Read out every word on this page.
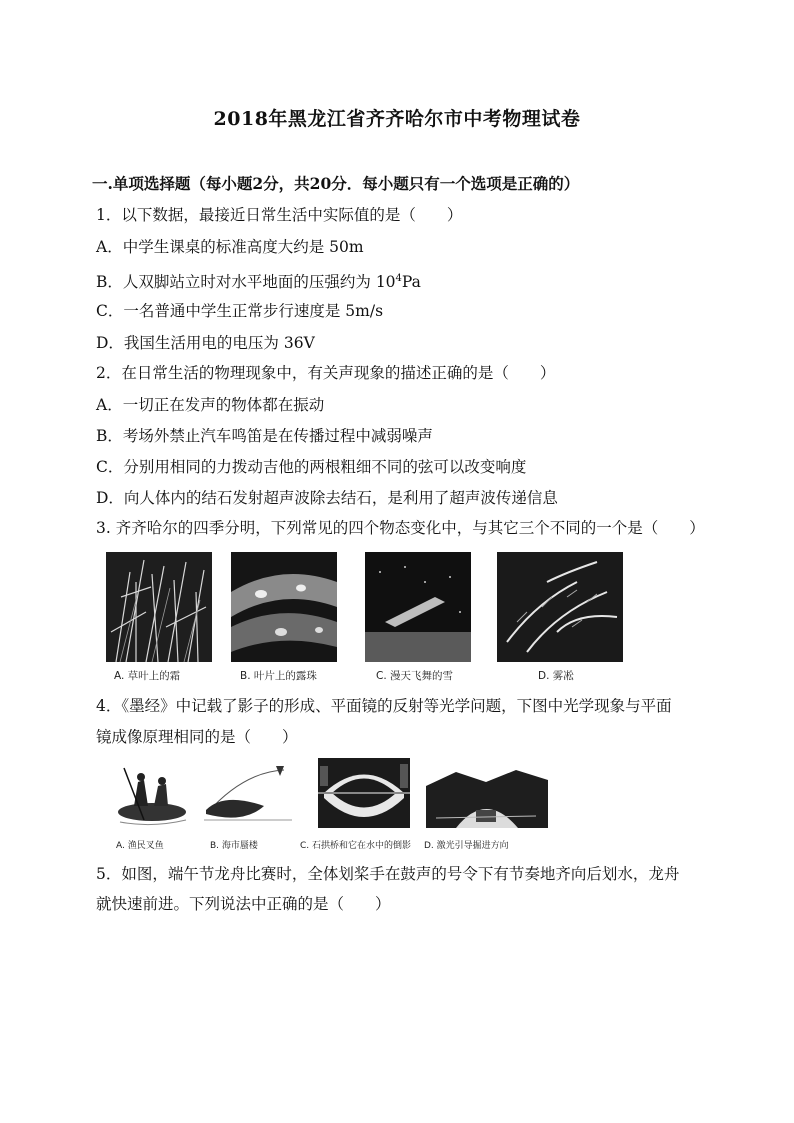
2018年黑龙江省齐齐哈尔市中考物理试卷
一.单项选择题（每小题2分，共20分．每小题只有一个选项是正确的）
1．以下数据，最接近日常生活中实际值的是（　　）
A．中学生课桌的标准高度大约是 50m
B．人双脚站立时对水平地面的压强约为 $10^4Pa$
C．一名普通中学生正常步行速度是 5m/s
D．我国生活用电的电压为 36V
2．在日常生活的物理现象中，有关声现象的描述正确的是（　　）
A．一切正在发声的物体都在振动
B．考场外禁止汽车鸣笛是在传播过程中减弱噪声
C．分别用相同的力拨动吉他的两根粗细不同的弦可以改变响度
D．向人体内的结石发射超声波除去结石，是利用了超声波传递信息
3. 齐齐哈尔的四季分明，下列常见的四个物态变化中，与其它三个不同的一个是（　　）
A. 草叶上的霜	B. 叶片上的露珠	C. 漫天飞舞的雪	D. 雾凇
4．《墨经》中记载了影子的形成、平面镜的反射等光学问题，下图中光学现象与平面
镜成像原理相同的是（　　）
A. 渔民叉鱼	B. 海市蜃楼	C. 石拱桥和它在水中的倒影 D. 激光引导掘进方向
5．如图，端午节龙舟比赛时，全体划桨手在鼓声的号令下有节奏地齐向后划水，龙舟
就快速前进。下列说法中正确的是（　　）
